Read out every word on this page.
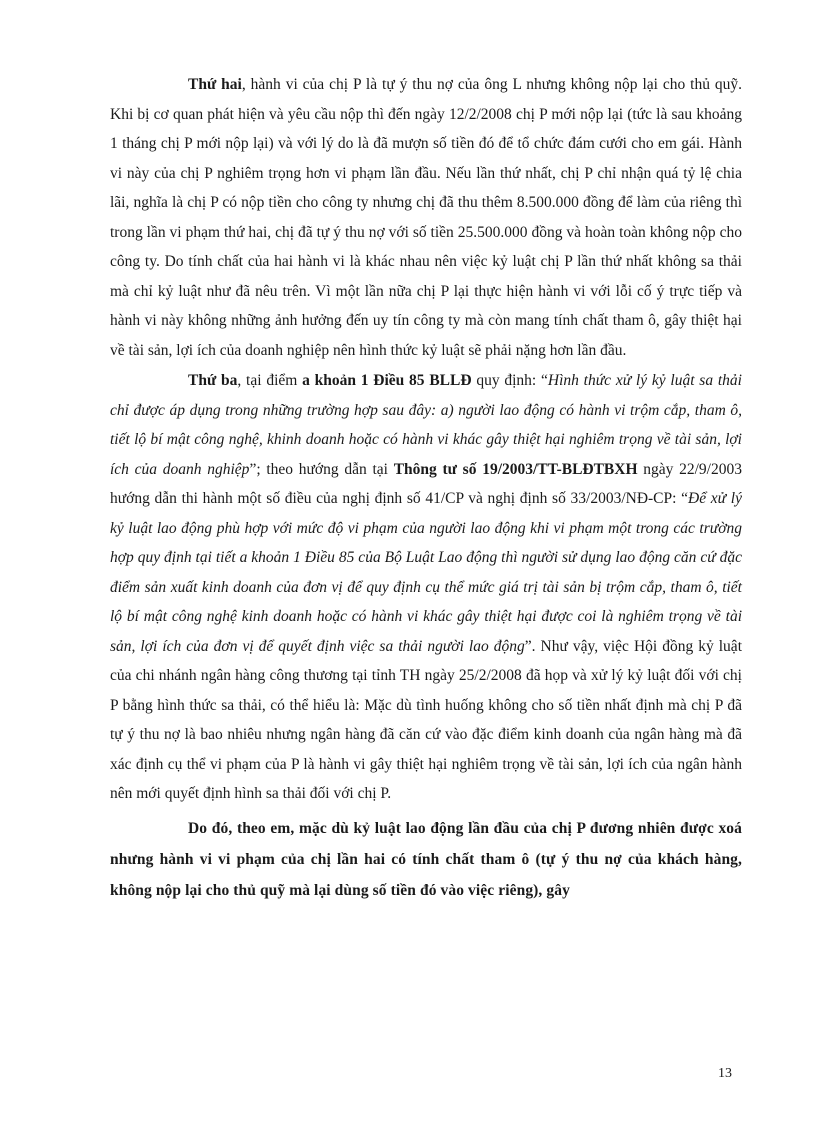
Thứ hai, hành vi của chị P là tự ý thu nợ của ông L nhưng không nộp lại cho thủ quỹ. Khi bị cơ quan phát hiện và yêu cầu nộp thì đến ngày 12/2/2008 chị P mới nộp lại (tức là sau khoảng 1 tháng chị P mới nộp lại) và với lý do là đã mượn số tiền đó để tổ chức đám cưới cho em gái. Hành vi này của chị P nghiêm trọng hơn vi phạm lần đầu. Nếu lần thứ nhất, chị P chỉ nhận quá tỷ lệ chia lãi, nghĩa là chị P có nộp tiền cho công ty nhưng chị đã thu thêm 8.500.000 đồng để làm của riêng thì trong lần vi phạm thứ hai, chị đã tự ý thu nợ với số tiền 25.500.000 đồng và hoàn toàn không nộp cho công ty. Do tính chất của hai hành vi là khác nhau nên việc kỷ luật chị P lần thứ nhất không sa thải mà chỉ kỷ luật như đã nêu trên. Vì một lần nữa chị P lại thực hiện hành vi với lỗi cố ý trực tiếp và hành vi này không những ảnh hưởng đến uy tín công ty mà còn mang tính chất tham ô, gây thiệt hại về tài sản, lợi ích của doanh nghiệp nên hình thức kỷ luật sẽ phải nặng hơn lần đầu.

Thứ ba, tại điểm a khoản 1 Điều 85 BLLĐ quy định: “Hình thức xử lý kỷ luật sa thải chỉ được áp dụng trong những trường hợp sau đây: a) người lao động có hành vi trộm cắp, tham ô, tiết lộ bí mật công nghệ, khinh doanh hoặc có hành vi khác gây thiệt hại nghiêm trọng về tài sản, lợi ích của doanh nghiệp”; theo hướng dẫn tại Thông tư số 19/2003/TT-BLĐTBXH ngày 22/9/2003 hướng dẫn thi hành một số điều của nghị định số 41/CP và nghị định số 33/2003/NĐ-CP: “Để xử lý kỷ luật lao động phù hợp với mức độ vi phạm của người lao động khi vi phạm một trong các trường hợp quy định tại tiết a khoản 1 Điều 85 của Bộ Luật Lao động thì người sử dụng lao động căn cứ đặc điểm sản xuất kinh doanh của đơn vị để quy định cụ thể mức giá trị tài sản bị trộm cắp, tham ô, tiết lộ bí mật công nghệ kinh doanh hoặc có hành vi khác gây thiệt hại được coi là nghiêm trọng về tài sản, lợi ích của đơn vị để quyết định việc sa thải người lao động”. Như vậy, việc Hội đồng kỷ luật của chi nhánh ngân hàng công thương tại tỉnh TH ngày 25/2/2008 đã họp và xử lý kỷ luật đối với chị P bằng hình thức sa thải, có thể hiểu là: Mặc dù tình huống không cho số tiền nhất định mà chị P đã tự ý thu nợ là bao nhiêu nhưng ngân hàng đã căn cứ vào đặc điểm kinh doanh của ngân hàng mà đã xác định cụ thể vi phạm của P là hành vi gây thiệt hại nghiêm trọng về tài sản, lợi ích của ngân hành nên mới quyết định hình sa thải đối với chị P.

Do đó, theo em, mặc dù kỷ luật lao động lần đầu của chị P đương nhiên được xoá nhưng hành vi vi phạm của chị lần hai có tính chất tham ô (tự ý thu nợ của khách hàng, không nộp lại cho thủ quỹ mà lại dùng số tiền đó vào việc riêng), gây

13
